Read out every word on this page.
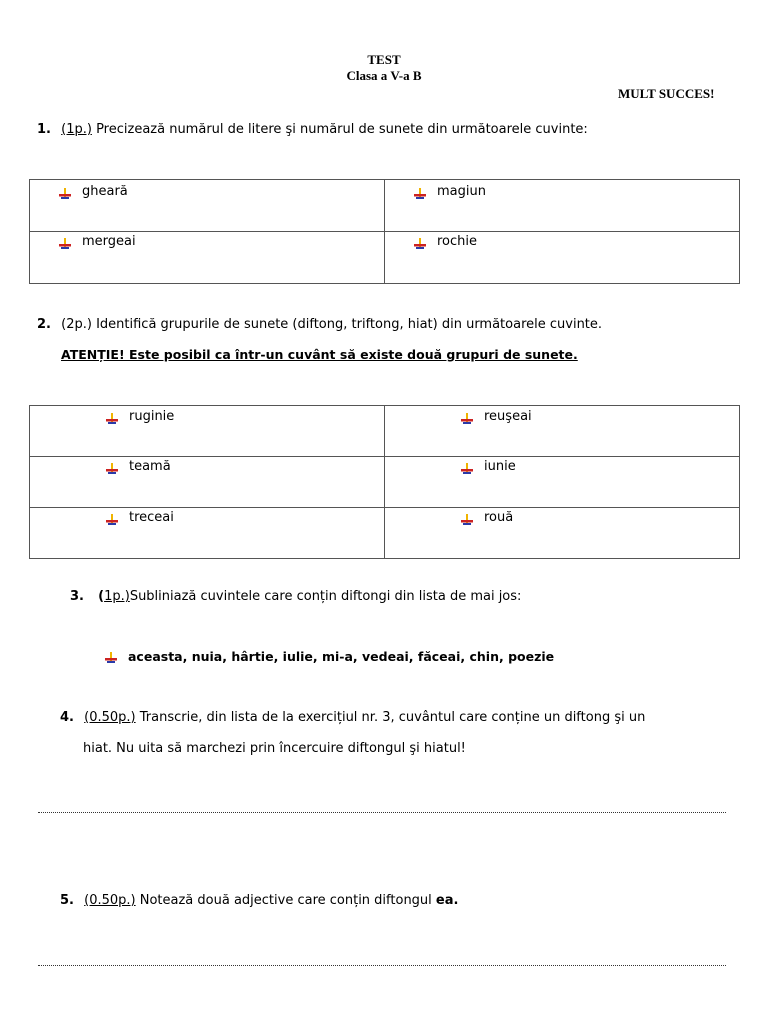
TEST
Clasa a V-a B
MULT SUCCES!
1. (1p.) Precizează numărul de litere şi numărul de sunete din următoarele cuvinte:
gheară	magiun

mergeai	rochie
2. (2p.) Identifică grupurile de sunete (diftong, triftong, hiat) din următoarele cuvinte.
ATENȚIE! Este posibil ca într-un cuvânt să existe două grupuri de sunete.
ruginie	reuşeai

teamă	iunie

treceai	rouă
3. (1p.)Subliniază cuvintele care conțin diftongi din lista de mai jos:
aceasta, nuia, hârtie, iulie, mi-a, vedeai, făceai, chin, poezie
4. (0.50p.) Transcrie, din lista de la exercițiul nr. 3, cuvântul care conține un diftong şi un
hiat. Nu uita să marchezi prin încercuire diftongul şi hiatul!
5. (0.50p.) Notează două adjective care conțin diftongul ea.
